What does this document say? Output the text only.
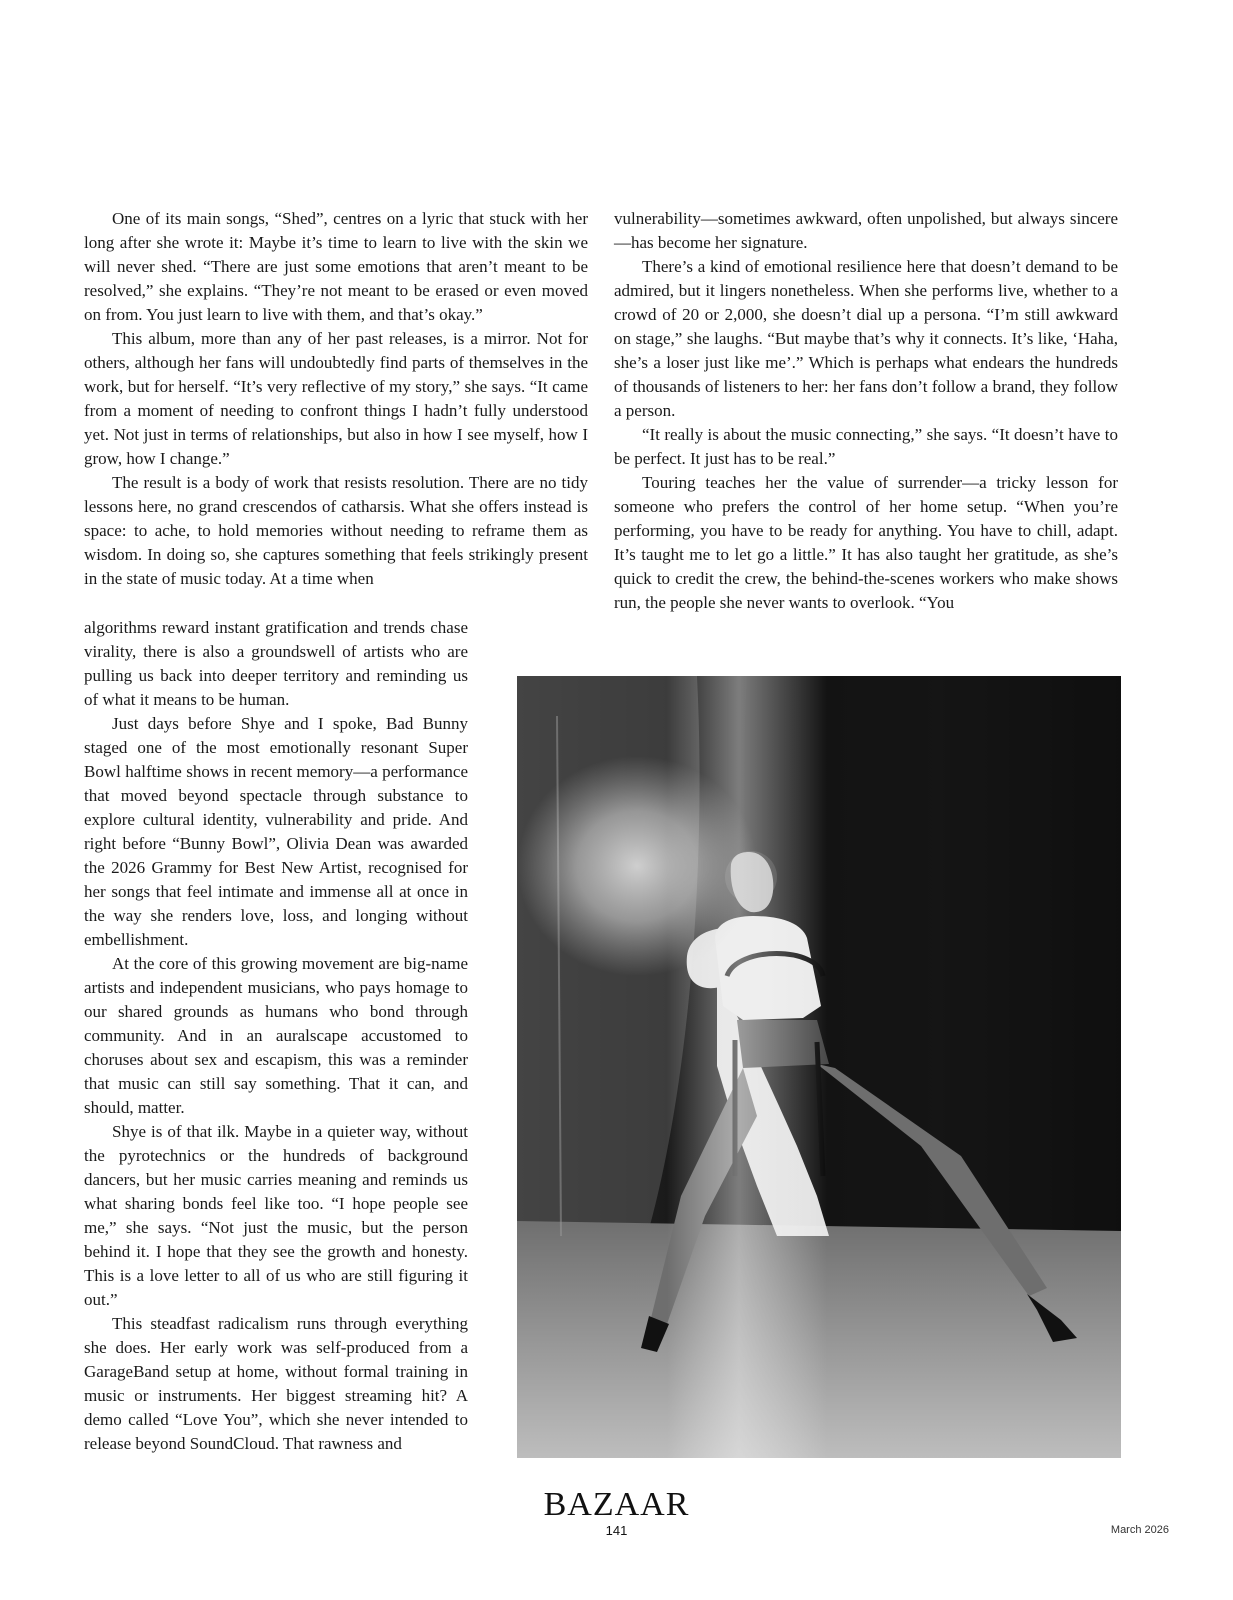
One of its main songs, “Shed”, centres on a lyric that stuck with her long after she wrote it: Maybe it’s time to learn to live with the skin we will never shed. “There are just some emotions that aren’t meant to be resolved,” she explains. “They’re not meant to be erased or even moved on from. You just learn to live with them, and that’s okay.”

This album, more than any of her past releases, is a mirror. Not for others, although her fans will undoubtedly find parts of themselves in the work, but for herself. “It’s very reflective of my story,” she says. “It came from a moment of needing to confront things I hadn’t fully understood yet. Not just in terms of relationships, but also in how I see myself, how I grow, how I change.”

The result is a body of work that resists resolution. There are no tidy lessons here, no grand crescendos of catharsis. What she offers instead is space: to ache, to hold memories without needing to reframe them as wisdom. In doing so, she captures something that feels strikingly present in the state of music today. At a time when

algorithms reward instant gratification and trends chase virality, there is also a groundswell of artists who are pulling us back into deeper territory and reminding us of what it means to be human.

Just days before Shye and I spoke, Bad Bunny staged one of the most emotionally resonant Super Bowl halftime shows in recent memory—a performance that moved beyond spectacle through substance to explore cultural identity, vulnerability and pride. And right before “Bunny Bowl”, Olivia Dean was awarded the 2026 Grammy for Best New Artist, recognised for her songs that feel intimate and immense all at once in the way she renders love, loss, and longing without embellishment.

At the core of this growing movement are big-name artists and independent musicians, who pays homage to our shared grounds as humans who bond through community. And in an auralscape accustomed to choruses about sex and escapism, this was a reminder that music can still say something. That it can, and should, matter.

Shye is of that ilk. Maybe in a quieter way, without the pyrotechnics or the hundreds of background dancers, but her music carries meaning and reminds us what sharing bonds feel like too. “I hope people see me,” she says. “Not just the music, but the person behind it. I hope that they see the growth and honesty. This is a love letter to all of us who are still figuring it out.”

This steadfast radicalism runs through everything she does. Her early work was self-produced from a GarageBand setup at home, without formal training in music or instruments. Her biggest streaming hit? A demo called “Love You”, which she never intended to release beyond SoundCloud. That rawness and

vulnerability—sometimes awkward, often unpolished, but always sincere—has become her signature.

There’s a kind of emotional resilience here that doesn’t demand to be admired, but it lingers nonetheless. When she performs live, whether to a crowd of 20 or 2,000, she doesn’t dial up a persona. “I’m still awkward on stage,” she laughs. “But maybe that’s why it connects. It’s like, ‘Haha, she’s a loser just like me’.” Which is perhaps what endears the hundreds of thousands of listeners to her: her fans don’t follow a brand, they follow a person.

“It really is about the music connecting,” she says. “It doesn’t have to be perfect. It just has to be real.”

Touring teaches her the value of surrender—a tricky lesson for someone who prefers the control of her home setup. “When you’re performing, you have to be ready for anything. You have to chill, adapt. It’s taught me to let go a little.” It has also taught her gratitude, as she’s quick to credit the crew, the behind-the-scenes workers who make shows run, the people she never wants to overlook. “You

BAZAAR
141	March 2026
